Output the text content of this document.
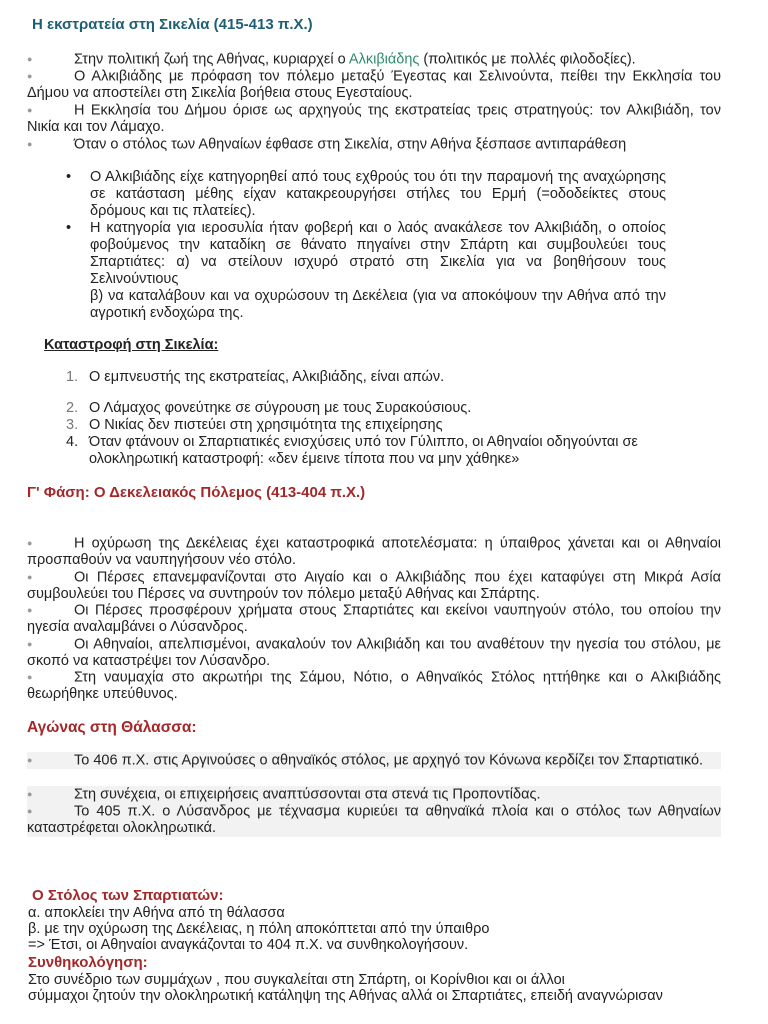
Η εκστρατεία στη Σικελία (415-413 π.Χ.)
●	Στην πολιτική ζωή της Αθήνας, κυριαρχεί ο Αλκιβιάδης (πολιτικός με πολλές φιλοδοξίες).
●	Ο Αλκιβιάδης με πρόφαση τον πόλεμο μεταξύ Έγεστας και Σελινούντα, πείθει την Εκκλησία του Δήμου να αποστείλει στη Σικελία βοήθεια στους Εγεσταίους.
●	Η Εκκλησία του Δήμου όρισε ως αρχηγούς της εκστρατείας τρεις στρατηγούς: τον Αλκιβιάδη, τον Νικία και τον Λάμαχο.
●	Όταν ο στόλος των Αθηναίων έφθασε στη Σικελία, στην Αθήνα ξέσπασε αντιπαράθεση
• Ο Αλκιβιάδης είχε κατηγορηθεί από τους εχθρούς του ότι την παραμονή της αναχώρησης σε κατάσταση μέθης είχαν κατακρεουργήσει στήλες του Ερμή (=οδοδείκτες στους δρόμους και τις πλατείες).
• Η κατηγορία για ιεροσυλία ήταν φοβερή και ο λαός ανακάλεσε τον Αλκιβιάδη, ο οποίος φοβούμενος την καταδίκη σε θάνατο πηγαίνει στην Σπάρτη και συμβουλεύει τους Σπαρτιάτες: α) να στείλουν ισχυρό στρατό στη Σικελία για να βοηθήσουν τους Σελινούντιους
β) να καταλάβουν και να οχυρώσουν τη Δεκέλεια (για να αποκόψουν την Αθήνα από την αγροτική ενδοχώρα της.
Καταστροφή στη Σικελία:
1. Ο εμπνευστής της εκστρατείας, Αλκιβιάδης, είναι απών.
2. Ο Λάμαχος φονεύτηκε σε σύγρουση με τους Συρακούσιους.
3. Ο Νικίας δεν πιστεύει στη χρησιμότητα της επιχείρησης
4. Όταν φτάνουν οι Σπαρτιατικές ενισχύσεις υπό τον Γύλιππο, οι Αθηναίοι οδηγούνται σε ολοκληρωτική καταστροφή: «δεν έμεινε τίποτα που να μην χάθηκε»
Γ' Φάση: Ο Δεκελειακός Πόλεμος (413-404 π.Χ.)
●	Η οχύρωση της Δεκέλειας έχει καταστροφικά αποτελέσματα: η ύπαιθρος χάνεται και οι Αθηναίοι προσπαθούν να ναυπηγήσουν νέο στόλο.
●	Οι Πέρσες επανεμφανίζονται στο Αιγαίο και ο Αλκιβιάδης που έχει καταφύγει στη Μικρά Ασία συμβουλεύει του Πέρσες να συντηρούν τον πόλεμο μεταξύ Αθήνας και Σπάρτης.
●	Οι Πέρσες προσφέρουν χρήματα στους Σπαρτιάτες και εκείνοι ναυπηγούν στόλο, του οποίου την ηγεσία αναλαμβάνει ο Λύσανδρος.
●	Οι Αθηναίοι, απελπισμένοι, ανακαλούν τον Αλκιβιάδη και του αναθέτουν την ηγεσία του στόλου, με σκοπό να καταστρέψει τον Λύσανδρο.
●	Στη ναυμαχία στο ακρωτήρι της Σάμου, Νότιο, ο Αθηναϊκός Στόλος ηττήθηκε και ο Αλκιβιάδης θεωρήθηκε υπεύθυνος.
Αγώνας στη Θάλασσα:
●	Το 406 π.Χ. στις Αργινούσες ο αθηναϊκός στόλος, με αρχηγό τον Κόνωνα κερδίζει τον Σπαρτιατικό.
●	Στη συνέχεια, οι επιχειρήσεις αναπτύσσονται στα στενά τις Προποντίδας.
●	Το 405 π.Χ. ο Λύσανδρος με τέχνασμα κυριεύει τα αθηναϊκά πλοία και ο στόλος των Αθηναίων καταστρέφεται ολοκληρωτικά.
Ο Στόλος των Σπαρτιατών:
α. αποκλείει την Αθήνα από τη θάλασσα
β. με την οχύρωση της Δεκέλειας, η πόλη αποκόπτεται από την ύπαιθρο
=> Έτσι, οι Αθηναίοι αναγκάζονται το 404 π.Χ. να συνθηκολογήσουν.
Συνθηκολόγηση:
Στο συνέδριο των συμμάχων , που συγκαλείται στη Σπάρτη, οι Κορίνθιοι και οι άλλοι
σύμμαχοι ζητούν την ολοκληρωτική κατάληψη της Αθήνας αλλά οι Σπαρτιάτες, επειδή αναγνώρισαν
